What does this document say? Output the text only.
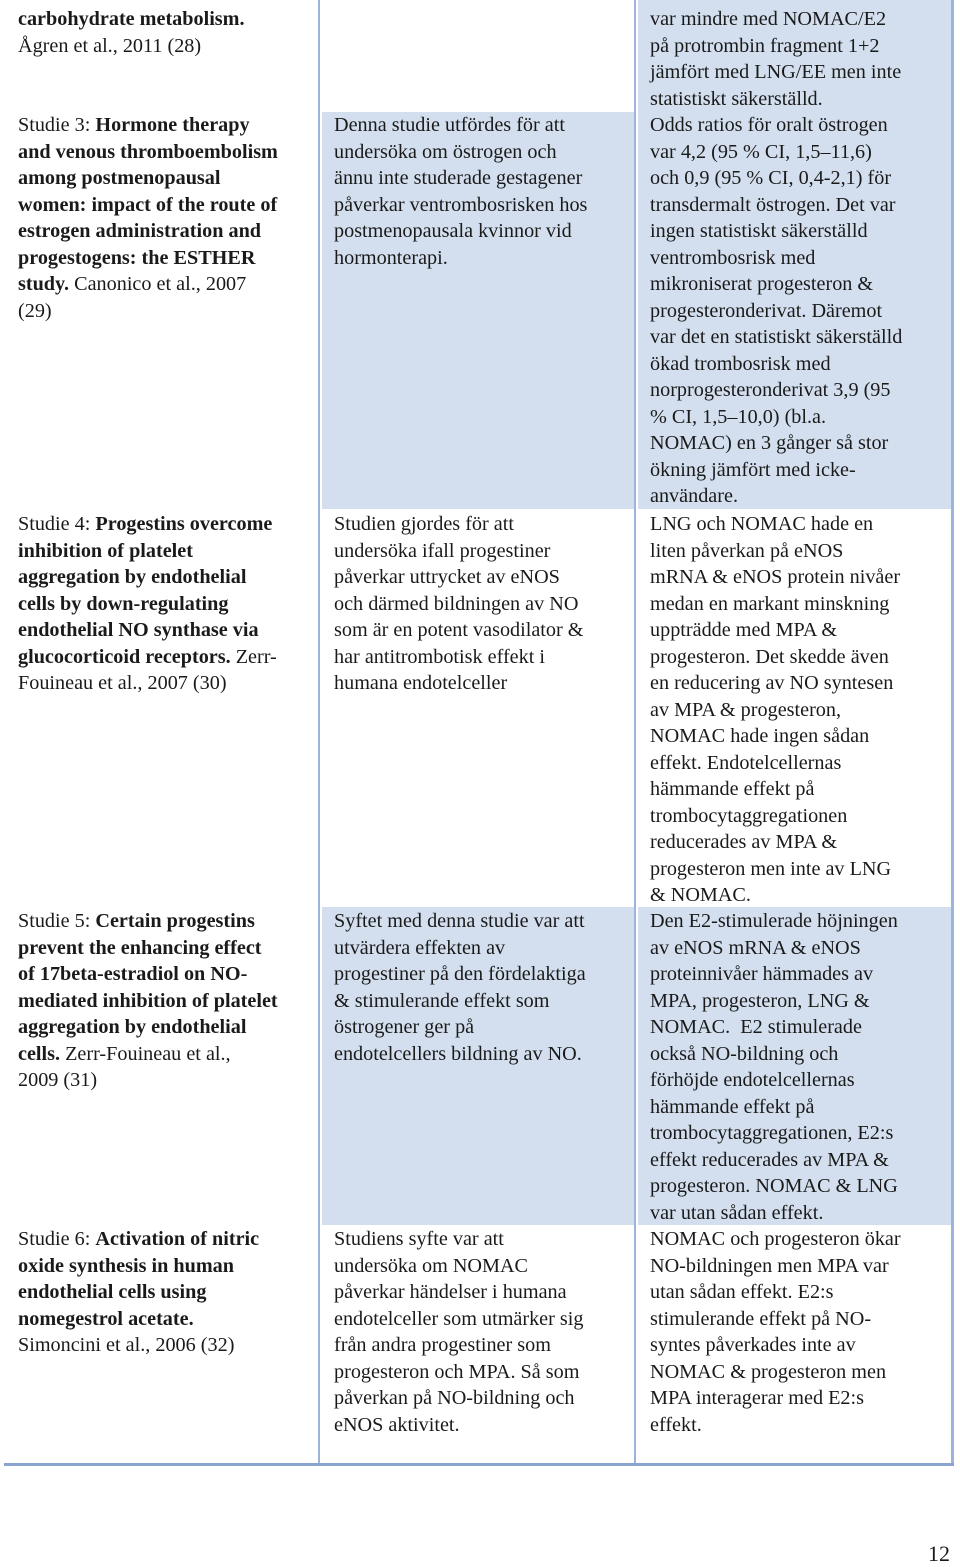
carbohydrate metabolism.
Ågren et al., 2011 (28)
var mindre med NOMAC/E2
på protrombin fragment 1+2
jämfört med LNG/EE men inte
statistiskt säkerställd.
Studie 3: Hormone therapy
and venous thromboembolism
among postmenopausal
women: impact of the route of
estrogen administration and
progestogens: the ESTHER
study. Canonico et al., 2007
(29)
Denna studie utfördes för att
undersöka om östrogen och
ännu inte studerade gestagener
påverkar ventrombosrisken hos
postmenopausala kvinnor vid
hormonterapi.
Odds ratios för oralt östrogen
var 4,2 (95 % CI, 1,5–11,6)
och 0,9 (95 % CI, 0,4-2,1) för
transdermalt östrogen. Det var
ingen statistiskt säkerställd
ventrombosrisk med
mikroniserat progesteron &
progesteronderivat. Däremot
var det en statistiskt säkerställd
ökad trombosrisk med
norprogesteronderivat 3,9 (95
% CI, 1,5–10,0) (bl.a.
NOMAC) en 3 gånger så stor
ökning jämfört med icke-
användare.
Studie 4: Progestins overcome
inhibition of platelet
aggregation by endothelial
cells by down-regulating
endothelial NO synthase via
glucocorticoid receptors. Zerr-
Fouineau et al., 2007 (30)
Studien gjordes för att
undersöka ifall progestiner
påverkar uttrycket av eNOS
och därmed bildningen av NO
som är en potent vasodilator &
har antitrombotisk effekt i
humana endotelceller
LNG och NOMAC hade en
liten påverkan på eNOS
mRNA & eNOS protein nivåer
medan en markant minskning
uppträdde med MPA &
progesteron. Det skedde även
en reducering av NO syntesen
av MPA & progesteron,
NOMAC hade ingen sådan
effekt. Endotelcellernas
hämmande effekt på
trombocytaggregationen
reducerades av MPA &
progesteron men inte av LNG
& NOMAC.
Studie 5: Certain progestins
prevent the enhancing effect
of 17beta-estradiol on NO-
mediated inhibition of platelet
aggregation by endothelial
cells. Zerr-Fouineau et al.,
2009 (31)
Syftet med denna studie var att
utvärdera effekten av
progestiner på den fördelaktiga
& stimulerande effekt som
östrogener ger på
endotelcellers bildning av NO.
Den E2-stimulerade höjningen
av eNOS mRNA & eNOS
proteinnivåer hämmades av
MPA, progesteron, LNG &
NOMAC.  E2 stimulerade
också NO-bildning och
förhöjde endotelcellernas
hämmande effekt på
trombocytaggregationen, E2:s
effekt reducerades av MPA &
progesteron. NOMAC & LNG
var utan sådan effekt.
Studie 6: Activation of nitric
oxide synthesis in human
endothelial cells using
nomegestrol acetate.
Simoncini et al., 2006 (32)
Studiens syfte var att
undersöka om NOMAC
påverkar händelser i humana
endotelceller som utmärker sig
från andra progestiner som
progesteron och MPA. Så som
påverkan på NO-bildning och
eNOS aktivitet.
NOMAC och progesteron ökar
NO-bildningen men MPA var
utan sådan effekt. E2:s
stimulerande effekt på NO-
syntes påverkades inte av
NOMAC & progesteron men
MPA interagerar med E2:s
effekt.
12
